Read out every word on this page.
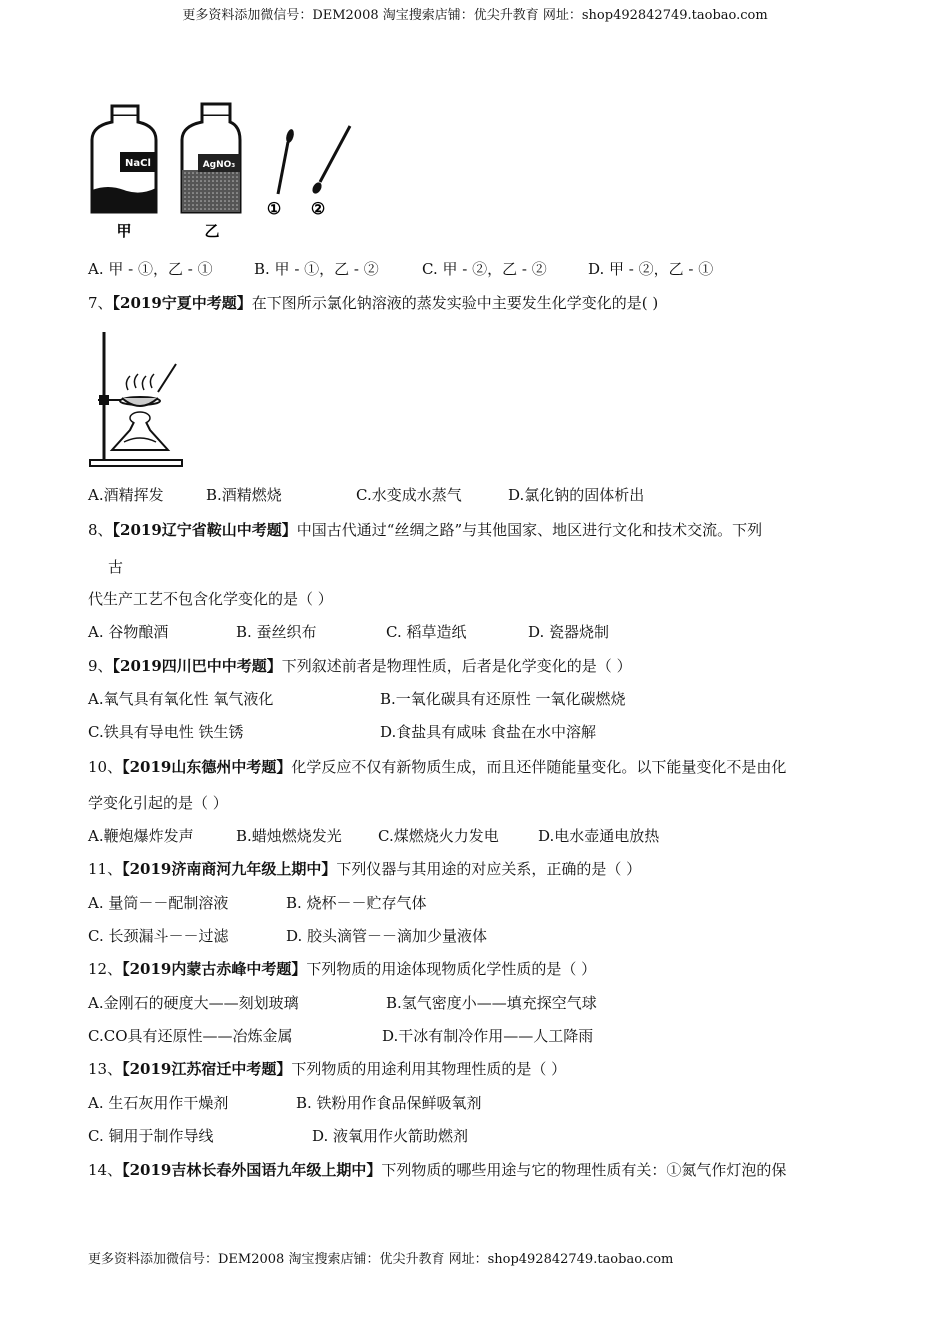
更多资料添加微信号：DEM2008 淘宝搜索店铺：优尖升教育 网址：shop492842749.taobao.com
NaCl
甲
AgNO₃
乙
① ②
A. 甲 - ①，乙 - ①	B. 甲 - ①，乙 - ②	C. 甲 - ②，乙 - ②	D. 甲 - ②，乙 - ①
7、【2019宁夏中考题】在下图所示氯化钠溶液的蒸发实验中主要发生化学变化的是( )
A.酒精挥发	B.酒精燃烧	C.水变成水蒸气	D.氯化钠的固体析出
8、【2019辽宁省鞍山中考题】中国古代通过“丝绸之路”与其他国家、地区进行文化和技术交流。下列
古
代生产工艺不包含化学变化的是（ ）
A. 谷物酿酒	B. 蚕丝织布	C. 稻草造纸	D. 瓷器烧制
9、【2019四川巴中中考题】下列叙述前者是物理性质，后者是化学变化的是（ ）
A.氧气具有氧化性 氧气液化	B.一氧化碳具有还原性 一氧化碳燃烧
C.铁具有导电性 铁生锈	D.食盐具有咸味 食盐在水中溶解
10、【2019山东德州中考题】化学反应不仅有新物质生成，而且还伴随能量变化。以下能量变化不是由化
学变化引起的是（ ）
A.鞭炮爆炸发声	B.蜡烛燃烧发光 C.煤燃烧火力发电	D.电水壶通电放热
11、【2019济南商河九年级上期中】下列仪器与其用途的对应关系，正确的是（ ）
A. 量筒－－配制溶液	B. 烧杯－－贮存气体
C. 长颈漏斗－－过滤	D. 胶头滴管－－滴加少量液体
12、【2019内蒙古赤峰中考题】下列物质的用途体现物质化学性质的是（ ）
A.金刚石的硬度大——刻划玻璃	B.氢气密度小——填充探空气球
C.CO具有还原性——冶炼金属	D.干冰有制冷作用——人工降雨
13、【2019江苏宿迁中考题】下列物质的用途利用其物理性质的是（ ）
A. 生石灰用作干燥剂	B. 铁粉用作食品保鲜吸氧剂
C. 铜用于制作导线	D. 液氧用作火箭助燃剂
14、【2019吉林长春外国语九年级上期中】下列物质的哪些用途与它的物理性质有关：①氮气作灯泡的保
更多资料添加微信号：DEM2008 淘宝搜索店铺：优尖升教育 网址：shop492842749.taobao.com
